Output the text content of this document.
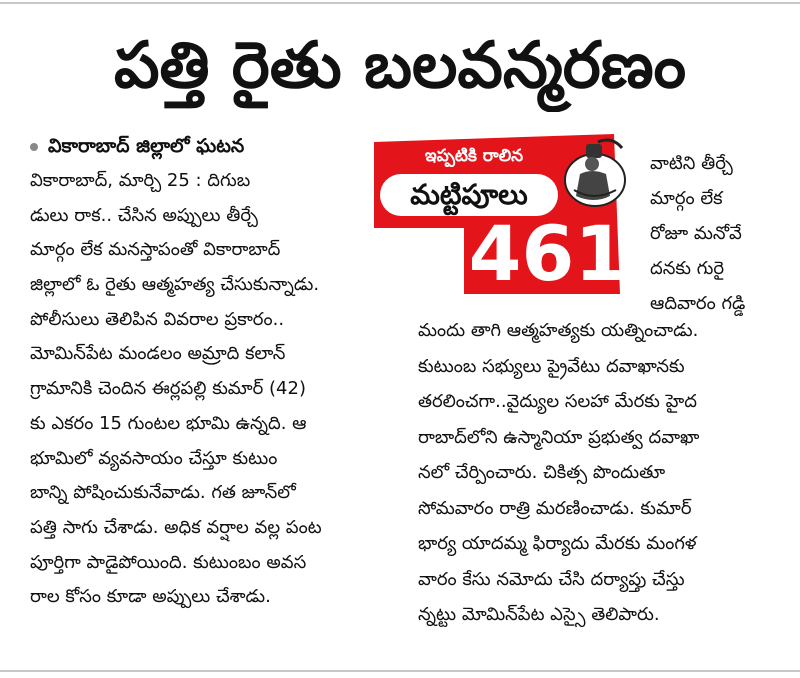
పత్తి రైతు బలవన్మరణం
వికారాబాద్ జిల్లాలో ఘటన
వికారాబాద్, మార్చి 25 : దిగుబ
డులు రాక.. చేసిన అప్పులు తీర్చే
మార్గం లేక మనస్తాపంతో వికారాబాద్
జిల్లాలో ఓ రైతు ఆత్మహత్య చేసుకున్నాడు.
పోలీసులు తెలిపిన వివరాల ప్రకారం..
మోమిన్‌పేట మండలం అమ్రాది కలాన్
గ్రామానికి చెందిన ఈర్లపల్లి కుమార్ (42)
కు ఎకరం 15 గుంటల భూమి ఉన్నది. ఆ
భూమిలో వ్యవసాయం చేస్తూ కుటుం
బాన్ని పోషించుకునేవాడు. గత జూన్‌లో
పత్తి సాగు చేశాడు. అధిక వర్షాల వల్ల పంట
పూర్తిగా పాడైపోయింది. కుటుంబం అవస
రాల కోసం కూడా అప్పులు చేశాడు.
ఇప్పటికి రాలిన
మట్టిపూలు
461
వాటిని తీర్చే
మార్గం లేక
రోజూ మనోవే
దనకు గురై
ఆదివారం గడ్డి
మందు తాగి ఆత్మహత్యకు యత్నించాడు.
కుటుంబ సభ్యులు ప్రైవేటు దవాఖానకు
తరలించగా..వైద్యుల సలహా మేరకు హైద
రాబాద్‌లోని ఉస్మానియా ప్రభుత్వ దవాఖా
నలో చేర్పించారు. చికిత్స పొందుతూ
సోమవారం రాత్రి మరణించాడు. కుమార్
భార్య యాదమ్మ ఫిర్యాదు మేరకు మంగళ
వారం కేసు నమోదు చేసి దర్యాప్తు చేస్తు
న్నట్టు మోమిన్‌పేట ఎస్సై తెలిపారు.
